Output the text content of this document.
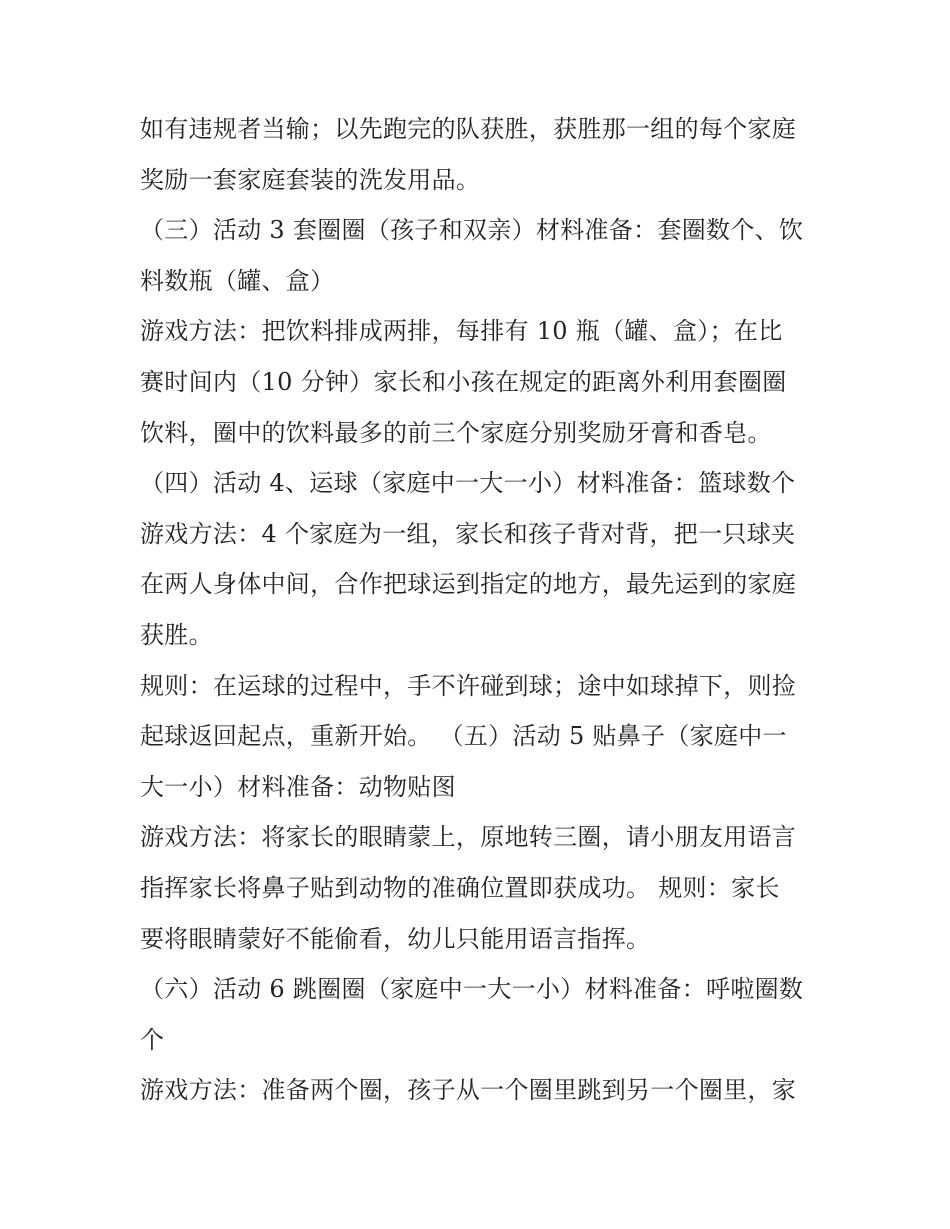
如有违规者当输；以先跑完的队获胜，获胜那一组的每个家庭
奖励一套家庭套装的洗发用品。
（三）活动 3 套圈圈（孩子和双亲）材料准备：套圈数个、饮
料数瓶（罐、盒）
游戏方法：把饮料排成两排，每排有 10 瓶（罐、盒）；在比
赛时间内（10 分钟）家长和小孩在规定的距离外利用套圈圈
饮料，圈中的饮料最多的前三个家庭分别奖励牙膏和香皂。
（四）活动 4、运球（家庭中一大一小）材料准备：篮球数个
游戏方法：4 个家庭为一组，家长和孩子背对背，把一只球夹
在两人身体中间，合作把球运到指定的地方，最先运到的家庭
获胜。
规则：在运球的过程中，手不许碰到球；途中如球掉下，则捡
起球返回起点，重新开始。 （五）活动 5 贴鼻子（家庭中一
大一小）材料准备：动物贴图
游戏方法：将家长的眼睛蒙上，原地转三圈，请小朋友用语言
指挥家长将鼻子贴到动物的准确位置即获成功。 规则：家长
要将眼睛蒙好不能偷看，幼儿只能用语言指挥。
（六）活动 6 跳圈圈（家庭中一大一小）材料准备：呼啦圈数
个
游戏方法：准备两个圈，孩子从一个圈里跳到另一个圈里，家
